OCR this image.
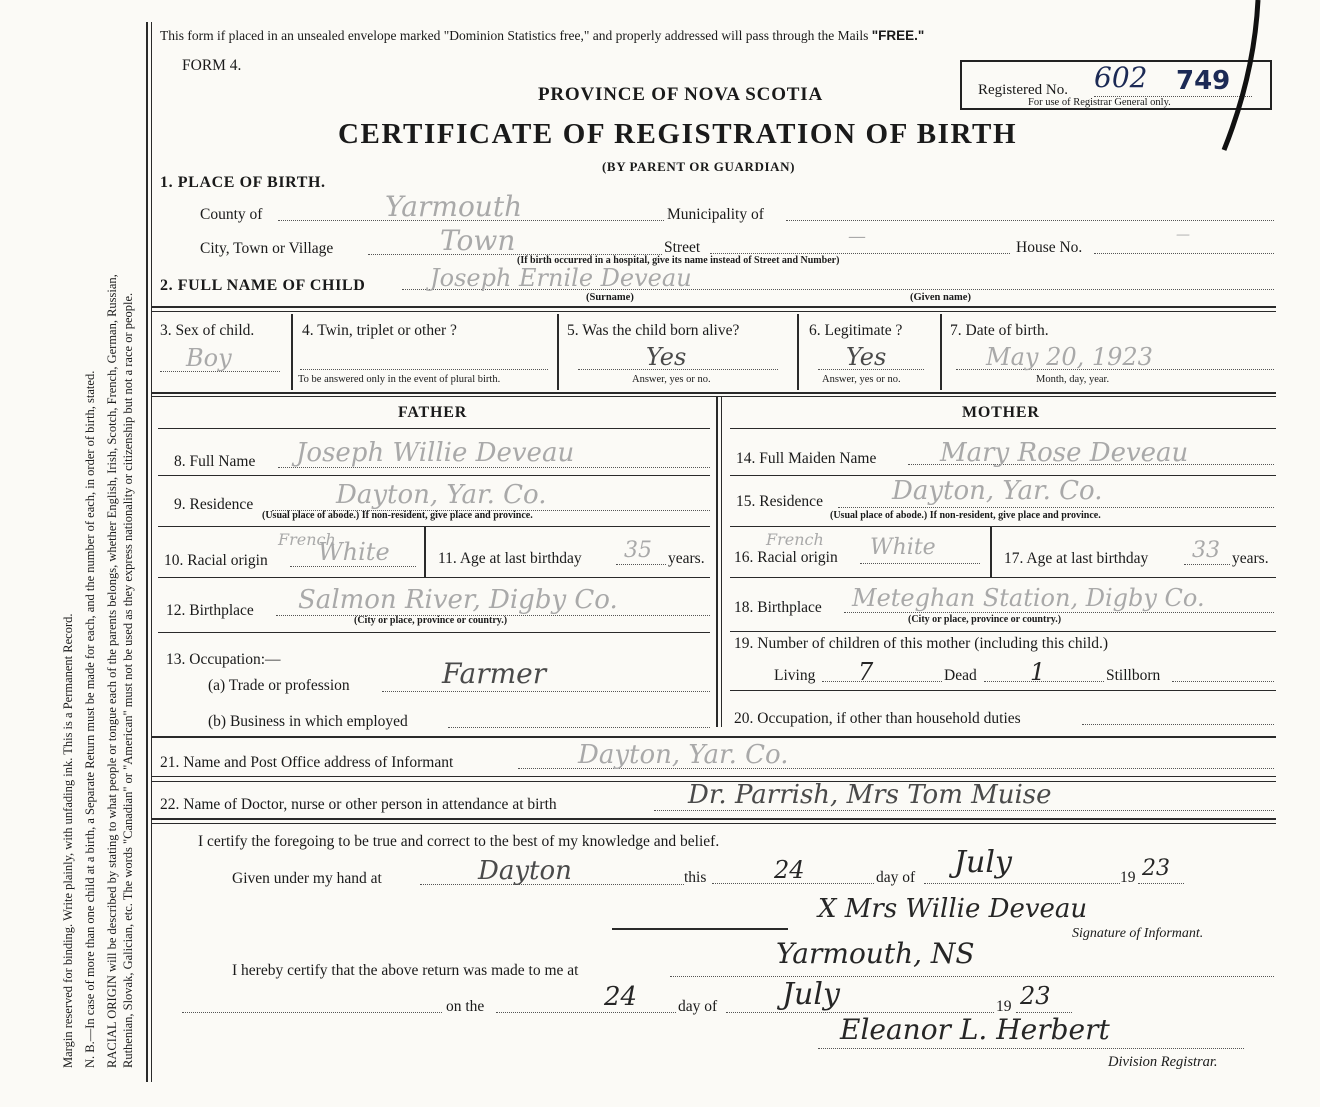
Margin reserved for binding. Write plainly, with unfading ink. This is a Permanent Record. N. B.—In case of more than one child at a birth, a Separate Return must be made for each, and the number of each, in order of birth, stated. RACIAL ORIGIN will be described by stating to what people or tongue each of the parents belongs, whether English, Irish, Scotch, French, German, Russian, Ruthenian, Slovak, Galician, etc. The words "Canadian" or "American" must not be used as they express nationality or citizenship but not a race or people.
This form if placed in an unsealed envelope marked "Dominion Statistics free," and properly addressed will pass through the Mails "FREE."
FORM 4.
PROVINCE OF NOVA SCOTIA
CERTIFICATE OF REGISTRATION OF BIRTH
(BY PARENT OR GUARDIAN)
Registered No. 602 749
For use of Registrar General only.
1. PLACE OF BIRTH.
County of	Yarmouth	Municipality of
City, Town or Village	Town	Street
—
House No.
—
(If birth occurred in a hospital, give its name instead of Street and Number)
2. FULL NAME OF CHILD	Joseph Ernile Deveau
(Surname)	(Given name)
3. Sex of child.
Boy
4. Twin, triplet or other ?
To be answered only in the event of plural birth.
5. Was the child born alive?
Yes
Answer, yes or no.
6. Legitimate ?
Yes
Answer, yes or no.
7. Date of birth.
May 20, 1923
Month, day, year.
FATHER	MOTHER
8. Full Name Joseph Willie Deveau
9. Residence	Dayton, Yar. Co.
(Usual place of abode.) If non-resident, give place and province.
10. Racial origin
French
White	11. Age at last birthday 35 years.
12. Birthplace Salmon River, Digby Co.
(City or place, province or country.)
13. Occupation:—
(a) Trade or profession	Farmer
(b) Business in which employed
14. Full Maiden Name Mary Rose Deveau
15. Residence	Dayton, Yar. Co.
(Usual place of abode.) If non-resident, give place and province.
16. Racial origin
French White	17. Age at last birthday 33 years.
18. Birthplace Meteghan Station, Digby Co.
(City or place, province or country.)
19. Number of children of this mother (including this child.)
Living 7	Dead 1	Stillborn
20. Occupation, if other than household duties
21. Name and Post Office address of Informant	Dayton, Yar. Co.
22. Name of Doctor, nurse or other person in attendance at birth	Dr. Parrish, Mrs Tom Muise
I certify the foregoing to be true and correct to the best of my knowledge and belief.
Given under my hand at	Dayton	this	24	day of July	19 23
X Mrs Willie Deveau
Signature of Informant.
I hereby certify that the above return was made to me at
Yarmouth, NS
on the	24	day of July	19 23
Eleanor L. Herbert
Division Registrar.
